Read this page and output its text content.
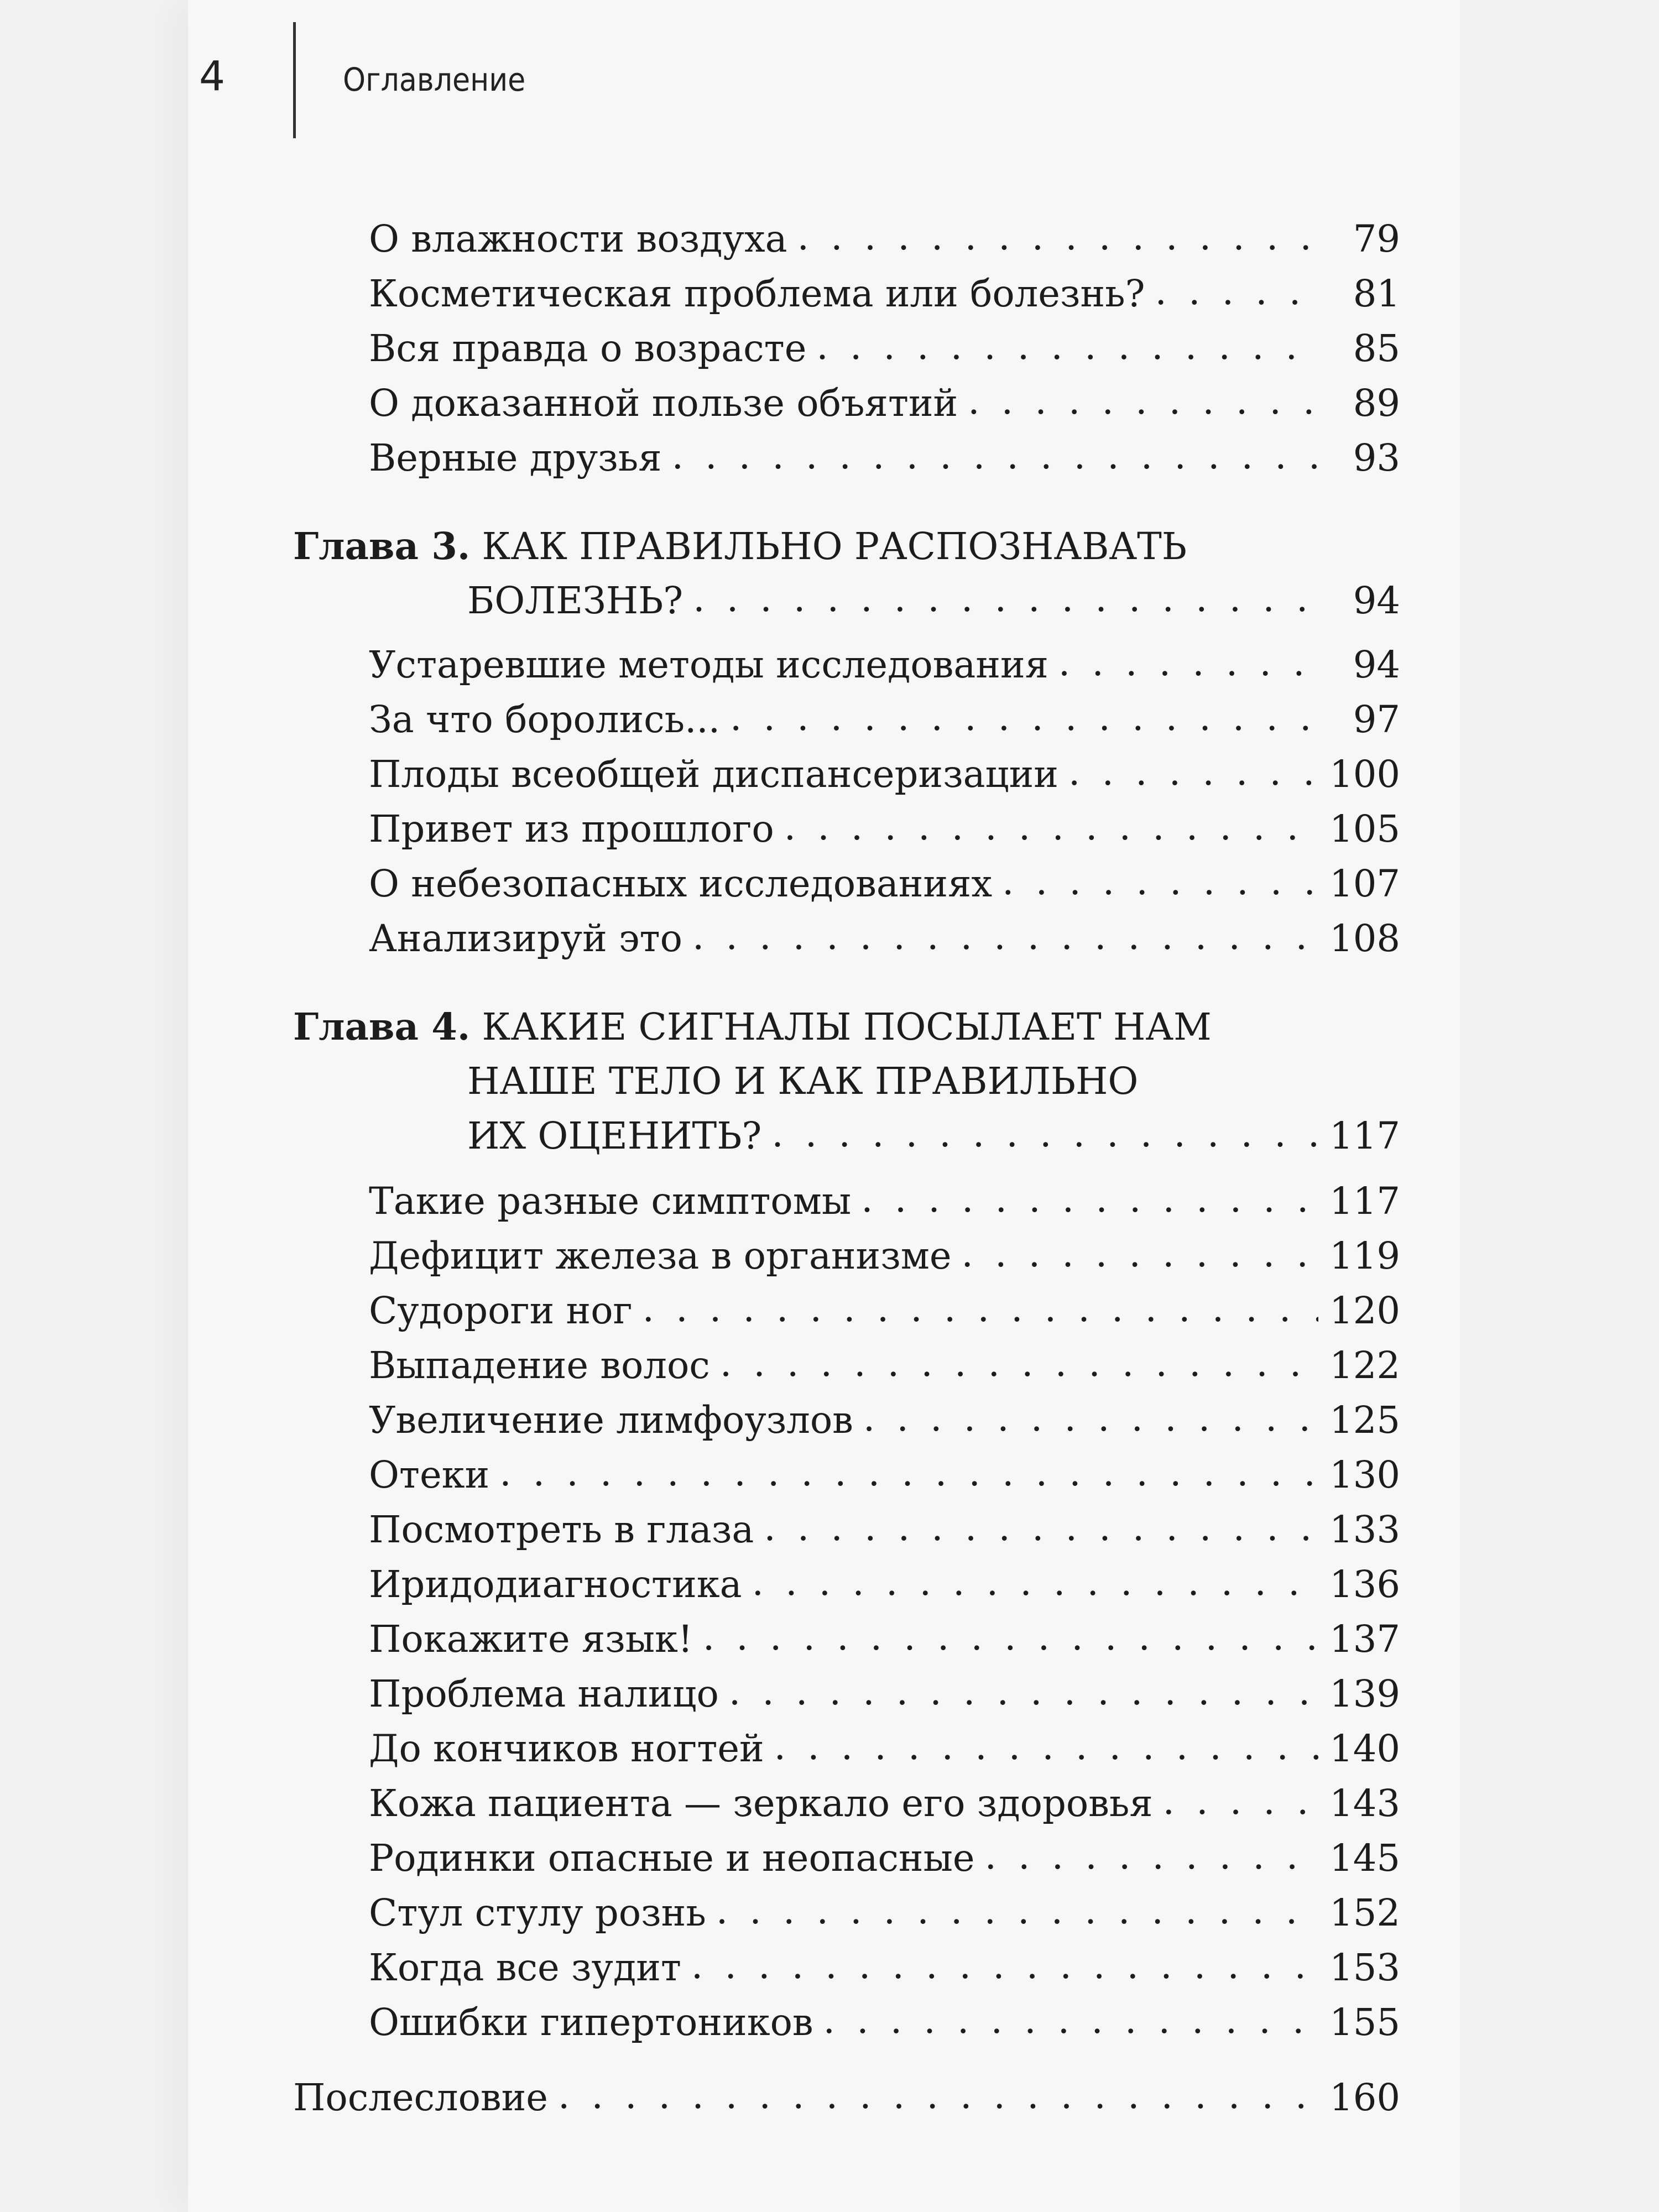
4	Оглавление
О влажности воздуха . . .	79
Косметическая проблема или болезнь? . . .	81
Вся правда о возрасте . . .	85
О доказанной пользе объятий . . .	89
Верные друзья . . .	93
Глава 3. КАК ПРАВИЛЬНО РАСПОЗНАВАТЬ
БОЛЕЗНЬ? . . .	94
Устаревшие методы исследования . . .	94
За что боролись... . . .	97
Плоды всеобщей диспансеризации . . .	100
Привет из прошлого . . .	105
О небезопасных исследованиях . . .	107
Анализируй это . . .	108
Глава 4. КАКИЕ СИГНАЛЫ ПОСЫЛАЕТ НАМ
НАШЕ ТЕЛО И КАК ПРАВИЛЬНО
ИХ ОЦЕНИТЬ? . . .	117
Такие разные симптомы . . .	117
Дефицит железа в организме . . .	119
Судороги ног . . .	120
Выпадение волос . . .	122
Увеличение лимфоузлов . . .	125
Отеки . . .	130
Посмотреть в глаза . . .	133
Иридодиагностика . . .	136
Покажите язык! . . .	137
Проблема налицо . . .	139
До кончиков ногтей . . .	140
Кожа пациента — зеркало его здоровья . . .	143
Родинки опасные и неопасные . . .	145
Стул стулу рознь . . .	152
Когда все зудит . . .	153
Ошибки гипертоников . . .	155
Послесловие . . .	160
